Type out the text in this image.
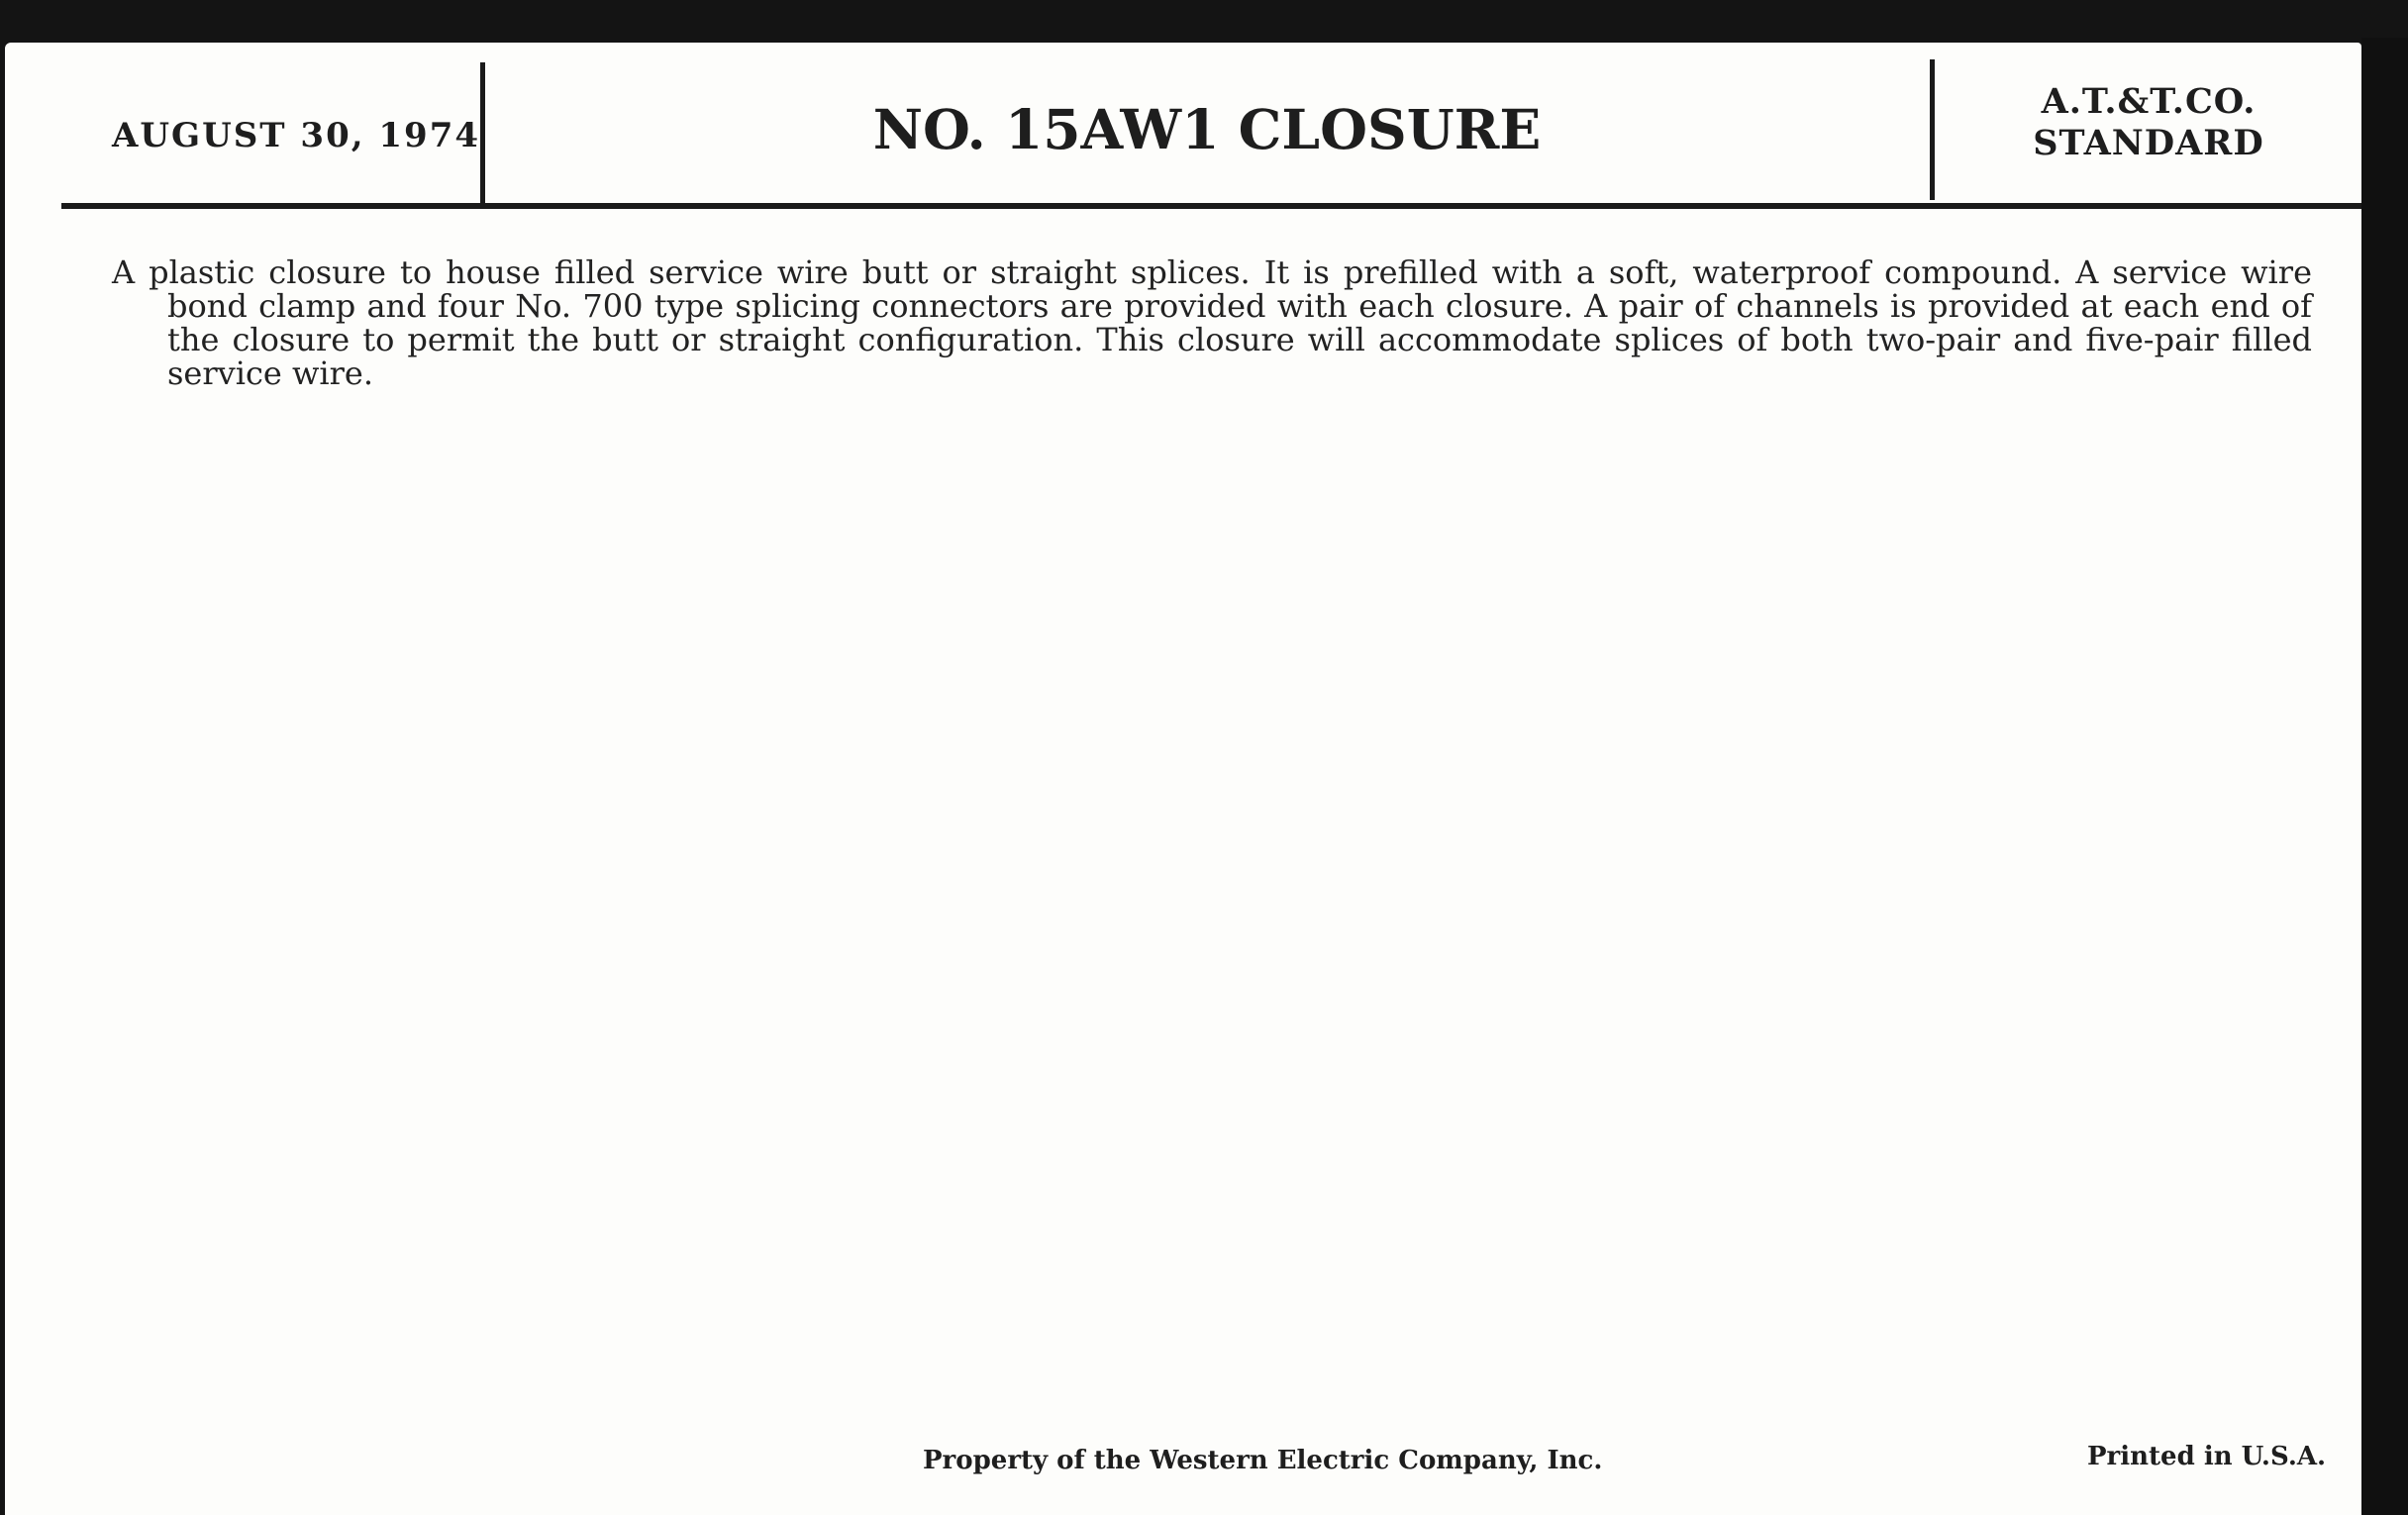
AUGUST 30, 1974	NO. 15AW1 CLOSURE	A.T.&T.CO.
STANDARD
A plastic closure to house filled service wire butt or straight splices. It is prefilled with a soft, waterproof compound. A service wire bond clamp and four No. 700 type splicing connectors are provided with each closure. A pair of channels is provided at each end of the closure to permit the butt or straight configuration. This closure will accommodate splices of both two-pair and five-pair filled service wire.
Property of the Western Electric Company, Inc.	Printed in U.S.A.
